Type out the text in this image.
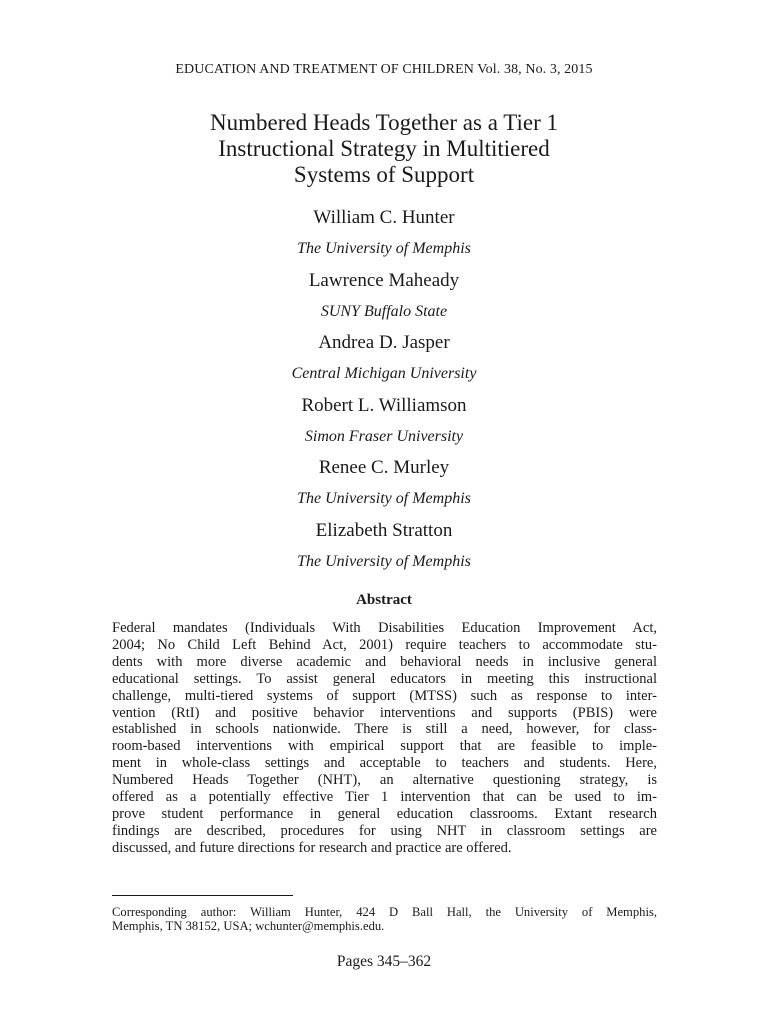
EDUCATION AND TREATMENT OF CHILDREN Vol. 38, No. 3, 2015
Numbered Heads Together as a Tier 1
Instructional Strategy in Multitiered
Systems of Support
William C. Hunter
The University of Memphis
Lawrence Maheady
SUNY Buffalo State
Andrea D. Jasper
Central Michigan University
Robert L. Williamson
Simon Fraser University
Renee C. Murley
The University of Memphis
Elizabeth Stratton
The University of Memphis
Abstract
Federal mandates (Individuals With Disabilities Education Improvement Act,
2004; No Child Left Behind Act, 2001) require teachers to accommodate stu-
dents with more diverse academic and behavioral needs in inclusive general
educational settings. To assist general educators in meeting this instructional
challenge, multi-tiered systems of support (MTSS) such as response to inter-
vention (RtI) and positive behavior interventions and supports (PBIS) were
established in schools nationwide. There is still a need, however, for class-
room-based interventions with empirical support that are feasible to imple-
ment in whole-class settings and acceptable to teachers and students. Here,
Numbered Heads Together (NHT), an alternative questioning strategy, is
offered as a potentially effective Tier 1 intervention that can be used to im-
prove student performance in general education classrooms. Extant research
findings are described, procedures for using NHT in classroom settings are
discussed, and future directions for research and practice are offered.
Corresponding author: William Hunter, 424 D Ball Hall, the University of Memphis,
Memphis, TN 38152, USA; wchunter@memphis.edu.
Pages 345–362
